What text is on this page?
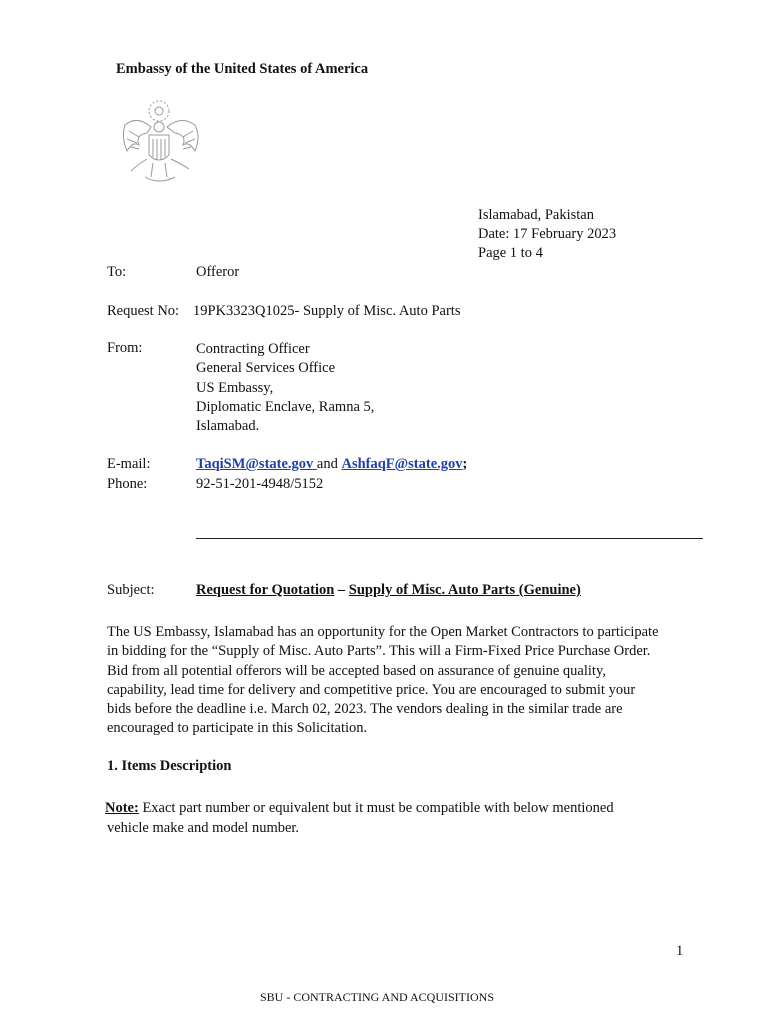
Embassy of the United States of America
Islamabad, Pakistan
Date: 17 February 2023
Page 1 to 4
To:	Offeror
Request No: 19PK3323Q1025- Supply of Misc. Auto Parts
From:	Contracting Officer
General Services Office
US Embassy,
Diplomatic Enclave, Ramna 5,
Islamabad.
E-mail:	TaqiSM@state.gov and AshfaqF@state.gov;
Phone:	92-51-201-4948/5152
Subject:	Request for Quotation – Supply of Misc. Auto Parts (Genuine)
The US Embassy, Islamabad has an opportunity for the Open Market Contractors to participate
in bidding for the “Supply of Misc. Auto Parts”. This will a Firm-Fixed Price Purchase Order.
Bid from all potential offerors will be accepted based on assurance of genuine quality,
capability, lead time for delivery and competitive price. You are encouraged to submit your
bids before the deadline i.e. March 02, 2023. The vendors dealing in the similar trade are
encouraged to participate in this Solicitation.
1. Items Description
Note: Exact part number or equivalent but it must be compatible with below mentioned
vehicle make and model number.
1
SBU - CONTRACTING AND ACQUISITIONS
